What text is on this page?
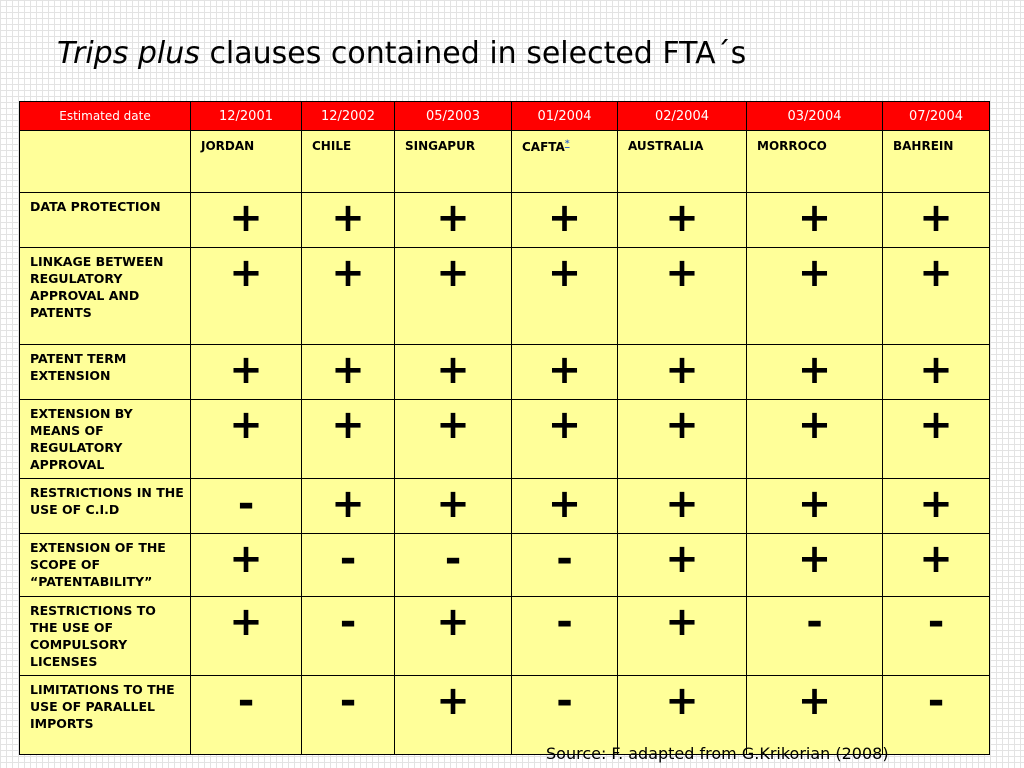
Trips plus clauses contained in selected FTA´s
Estimated date	12/2001	12/2002	05/2003	01/2004	02/2004	03/2004	07/2004
	JORDAN	CHILE	SINGAPUR	CAFTA*	AUSTRALIA	MORROCO	BAHREIN
DATA PROTECTION	+	+	+	+	+	+	+
LINKAGE BETWEEN REGULATORY APPROVAL AND PATENTS	+	+	+	+	+	+	+
PATENT TERM EXTENSION	+	+	+	+	+	+	+
EXTENSION BY MEANS OF REGULATORY APPROVAL	+	+	+	+	+	+	+
RESTRICTIONS IN THE USE OF C.I.D	-	+	+	+	+	+	+
EXTENSION OF THE SCOPE OF “PATENTABILITY”	+	-	-	-	+	+	+
RESTRICTIONS TO THE USE OF COMPULSORY LICENSES	+	-	+	-	+	-	-
LIMITATIONS TO THE USE OF PARALLEL IMPORTS	-	-	+	-	+	+	-
Source: F. adapted from G.Krikorian (2008)
